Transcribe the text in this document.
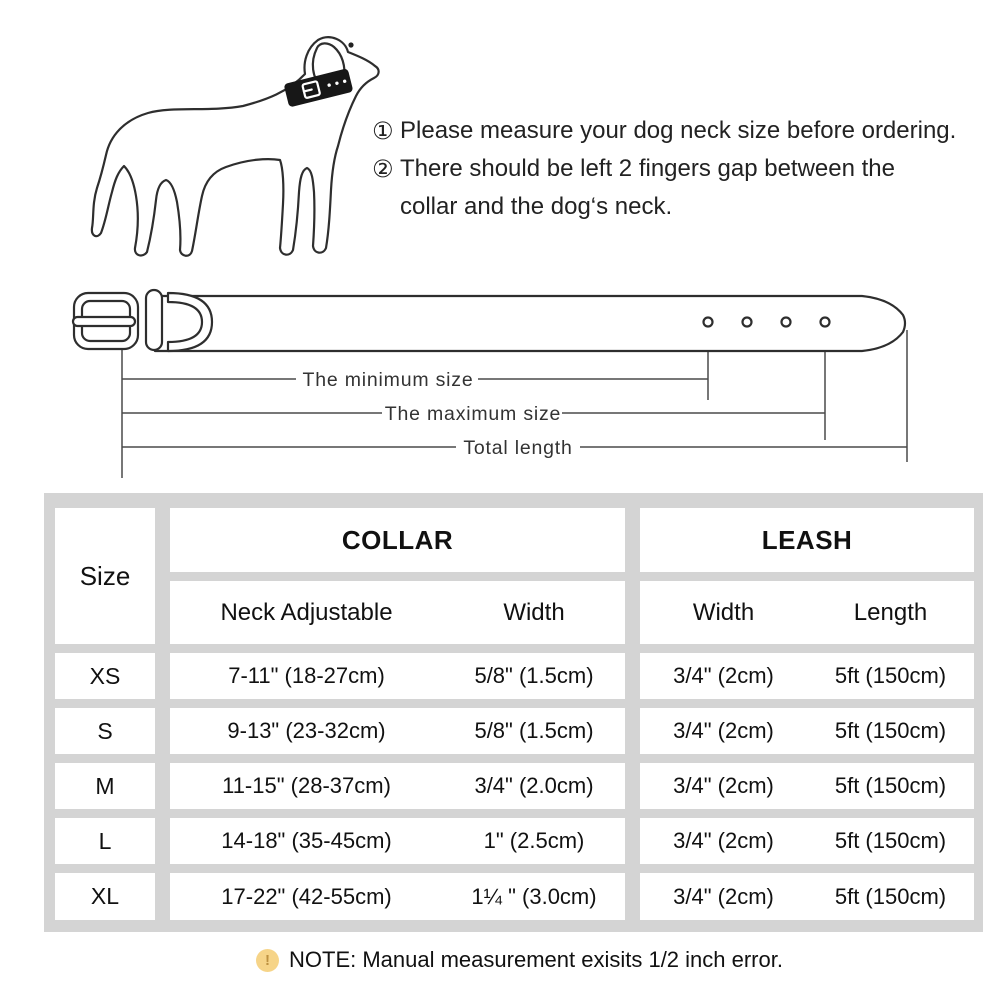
The minimum size
The maximum size
Total length
① Please measure your dog neck size before ordering.
② There should be left 2 fingers gap between the collar and the dog‘s neck.
Size
COLLAR	LEASH
Neck Adjustable	Width	Width	Length
XS	7-11" (18-27cm)	5/8" (1.5cm)	3/4" (2cm)	5ft (150cm)
S	9-13" (23-32cm)	5/8" (1.5cm)	3/4" (2cm)	5ft (150cm)
M	11-15" (28-37cm)	3/4" (2.0cm)	3/4" (2cm)	5ft (150cm)
L	14-18" (35-45cm)	1" (2.5cm)	3/4" (2cm)	5ft (150cm)
XL	17-22" (42-55cm)	1¼ " (3.0cm)	3/4" (2cm)	5ft (150cm)
! NOTE: Manual measurement exisits 1/2 inch error.
